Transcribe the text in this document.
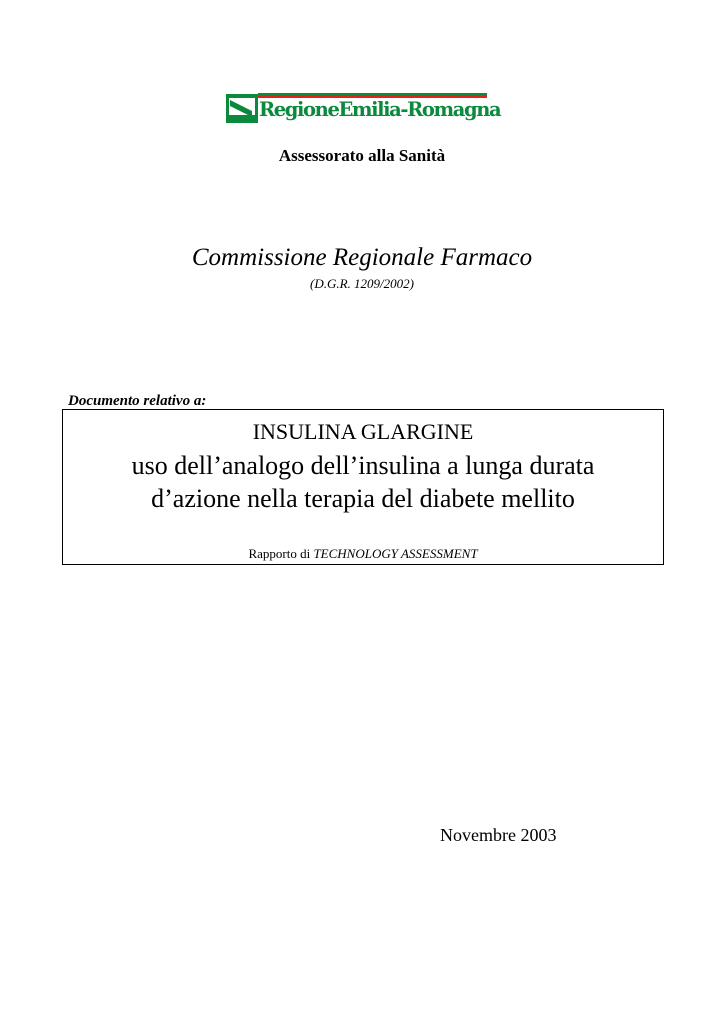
RegioneEmilia-Romagna
Assessorato alla Sanità
Commissione Regionale Farmaco
(D.G.R. 1209/2002)
Documento relativo a:
INSULINA GLARGINE
uso dell’analogo dell’insulina a lunga durata
d’azione nella terapia del diabete mellito
Rapporto di TECHNOLOGY ASSESSMENT
Novembre 2003
